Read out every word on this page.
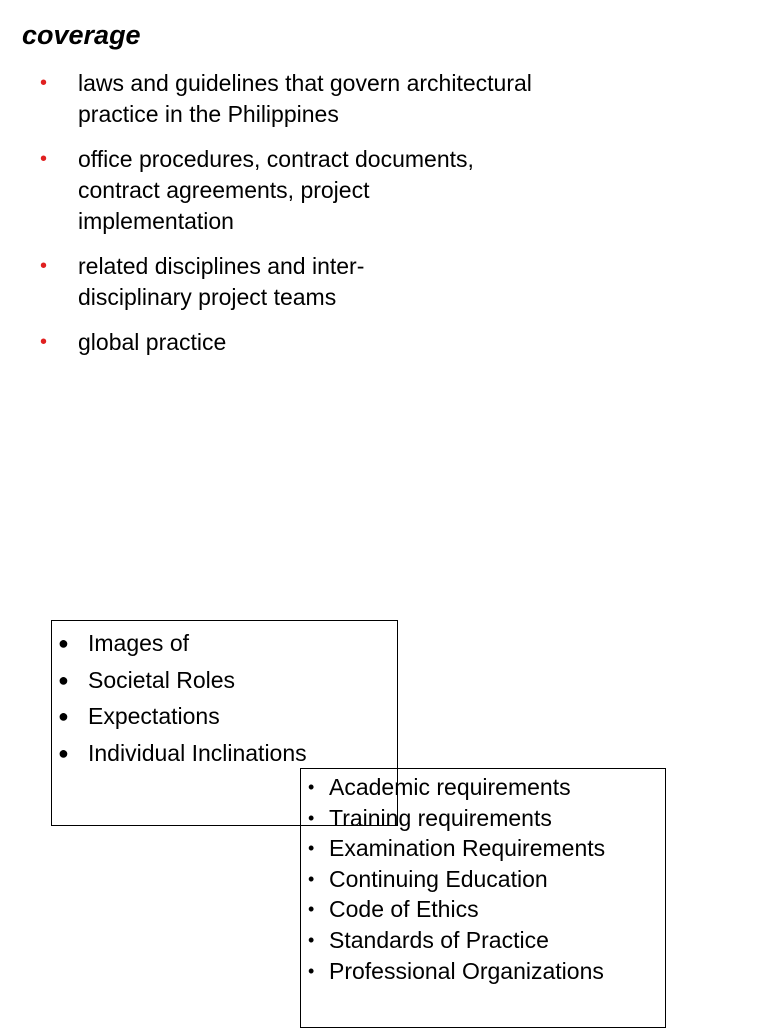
coverage
• laws and guidelines that govern architectural practice in the Philippines
• office procedures, contract documents, contract agreements, project implementation
• related disciplines and inter-disciplinary project teams
• global practice
● Images of
● Societal Roles
● Expectations
● Individual Inclinations
• Academic requirements
• Training requirements
• Examination Requirements
• Continuing Education
• Code of Ethics
• Standards of Practice
• Professional Organizations
